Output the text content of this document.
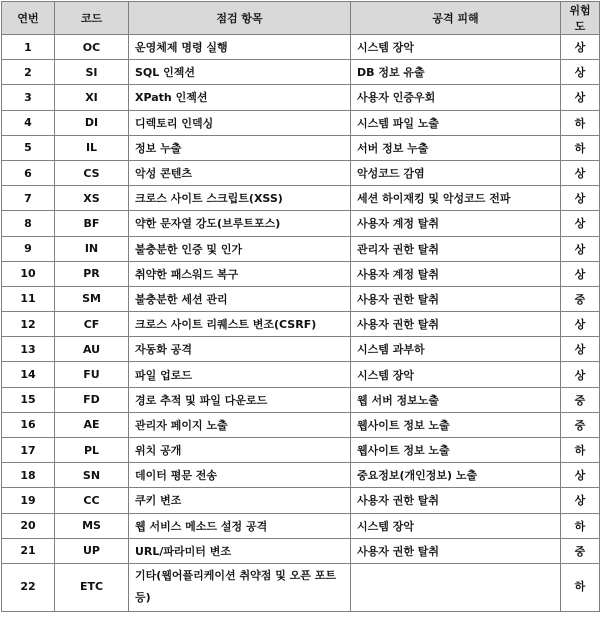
연번	코드	점검 항목	공격 피해	위험도
1	OC	운영체제 명령 실행	시스템 장악	상
2	SI	SQL 인젝션	DB 정보 유출	상
3	XI	XPath 인젝션	사용자 인증우회	상
4	DI	디렉토리 인덱싱	시스템 파일 노출	하
5	IL	정보 누출	서버 정보 누출	하
6	CS	악성 콘텐츠	악성코드 감염	상
7	XS	크로스 사이트 스크립트(XSS)	세션 하이재킹 및 악성코드 전파	상
8	BF	약한 문자열 강도(브루트포스)	사용자 계정 탈취	상
9	IN	불충분한 인증 및 인가	관리자 권한 탈취	상
10	PR	취약한 패스워드 복구	사용자 계정 탈취	상
11	SM	불충분한 세션 관리	사용자 권한 탈취	중
12	CF	크로스 사이트 리퀘스트 변조(CSRF)	사용자 권한 탈취	상
13	AU	자동화 공격	시스템 과부하	상
14	FU	파일 업로드	시스템 장악	상
15	FD	경로 추적 및 파일 다운로드	웹 서버 정보노출	중
16	AE	관리자 페이지 노출	웹사이트 정보 노출	중
17	PL	위치 공개	웹사이트 정보 노출	하
18	SN	데이터 평문 전송	중요정보(개인정보) 노출	상
19	CC	쿠키 변조	사용자 권한 탈취	상
20	MS	웹 서비스 메소드 설정 공격	시스템 장악	하
21	UP	URL/파라미터 변조	사용자 권한 탈취	중
22	ETC	기타(웹어플리케이션 취약점 및 오픈 포트 등)		하
